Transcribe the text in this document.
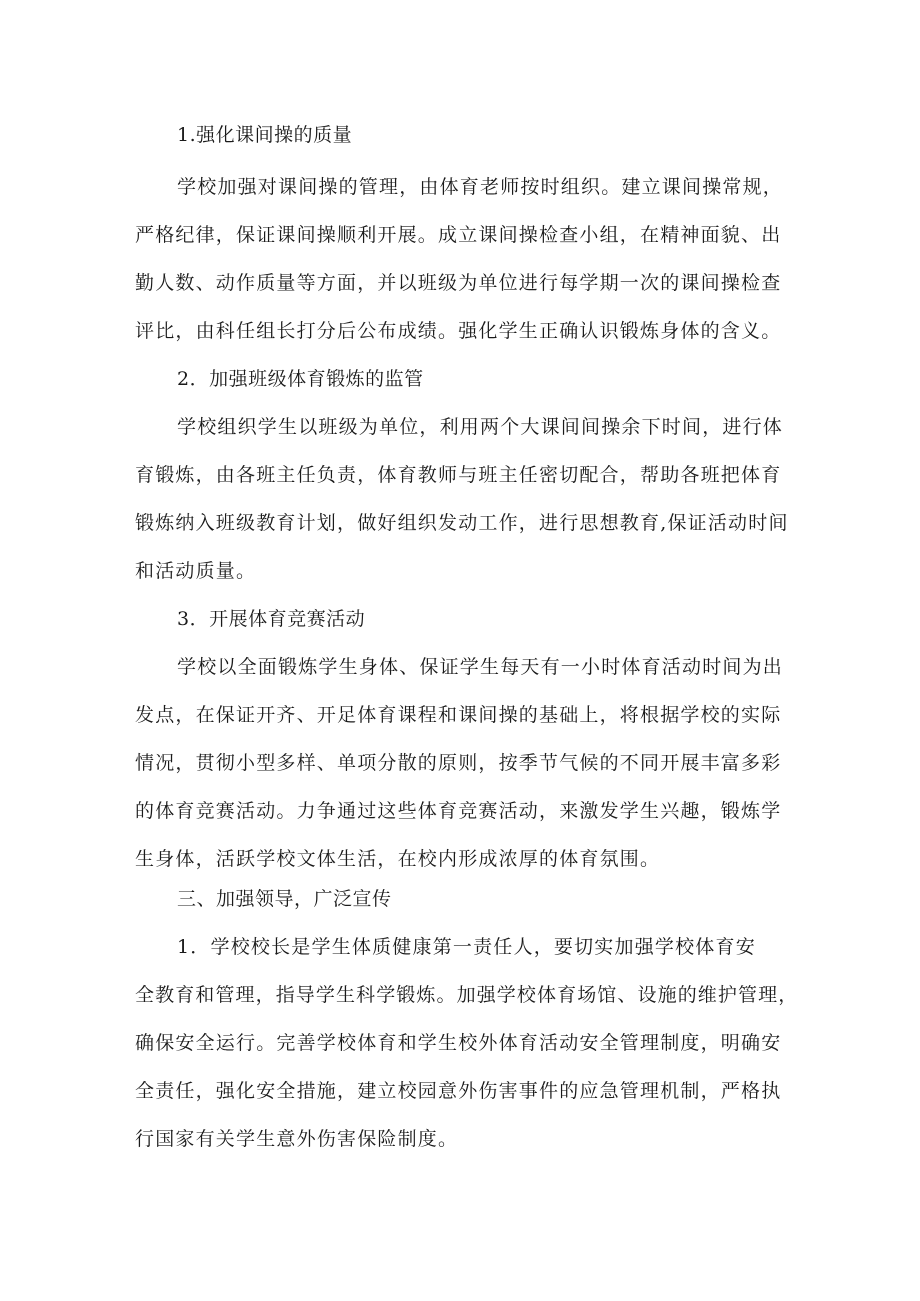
1.强化课间操的质量

学校加强对课间操的管理，由体育老师按时组织。建立课间操常规，

严格纪律，保证课间操顺利开展。成立课间操检查小组，在精神面貌、出

勤人数、动作质量等方面，并以班级为单位进行每学期一次的课间操检查

评比，由科任组长打分后公布成绩。强化学生正确认识锻炼身体的含义。

2．加强班级体育锻炼的监管

学校组织学生以班级为单位，利用两个大课间间操余下时间，进行体

育锻炼，由各班主任负责，体育教师与班主任密切配合，帮助各班把体育

锻炼纳入班级教育计划，做好组织发动工作，进行思想教育,保证活动时间

和活动质量。

3．开展体育竞赛活动

学校以全面锻炼学生身体、保证学生每天有一小时体育活动时间为出

发点，在保证开齐、开足体育课程和课间操的基础上，将根据学校的实际

情况，贯彻小型多样、单项分散的原则，按季节气候的不同开展丰富多彩

的体育竞赛活动。力争通过这些体育竞赛活动，来激发学生兴趣，锻炼学

生身体，活跃学校文体生活，在校内形成浓厚的体育氛围。

三、加强领导，广泛宣传

1．学校校长是学生体质健康第一责任人，要切实加强学校体育安

全教育和管理，指导学生科学锻炼。加强学校体育场馆、设施的维护管理，

确保安全运行。完善学校体育和学生校外体育活动安全管理制度，明确安

全责任，强化安全措施，建立校园意外伤害事件的应急管理机制，严格执

行国家有关学生意外伤害保险制度。
